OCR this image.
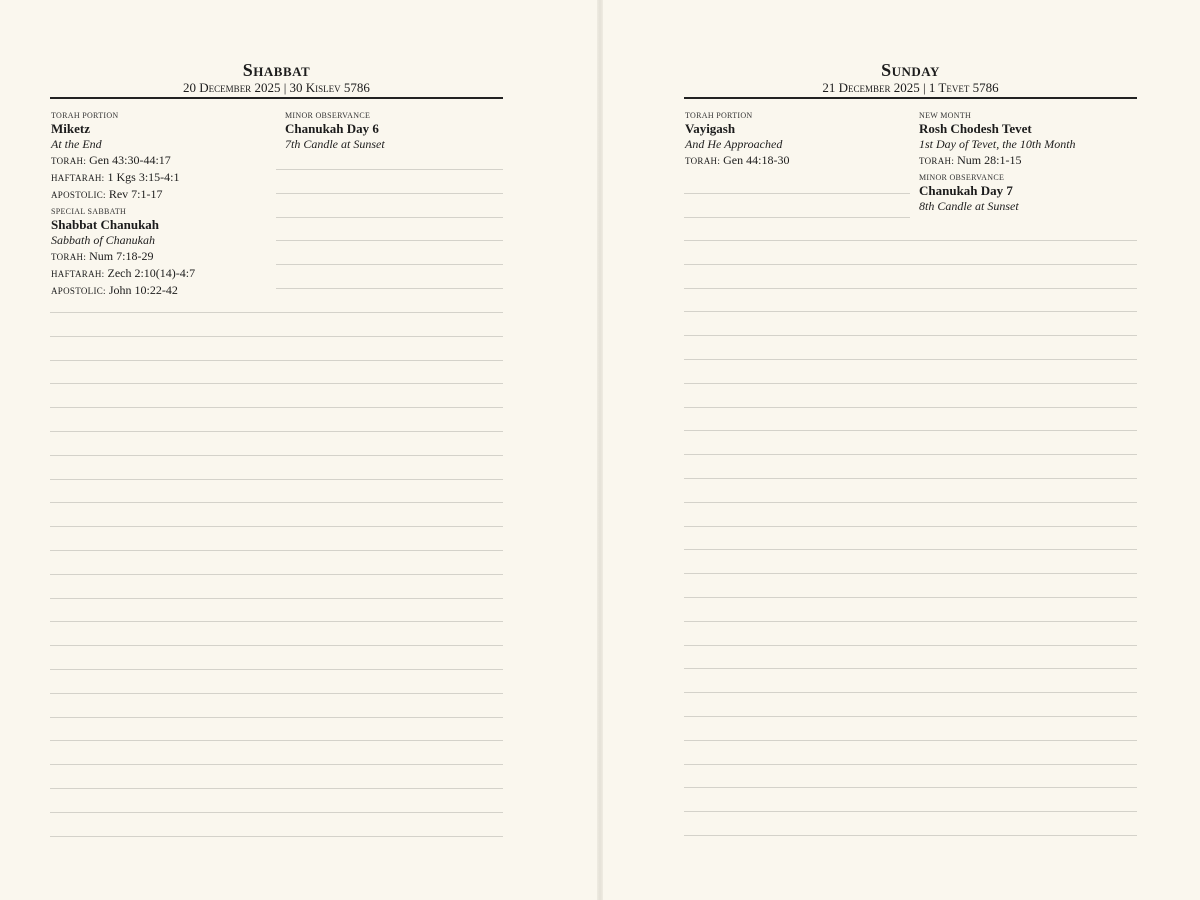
Shabbat
20 December 2025 | 30 Kislev 5786
TORAH PORTION
Miketz
At the End
TORAH: Gen 43:30-44:17
HAFTARAH: 1 Kgs 3:15-4:1
APOSTOLIC: Rev 7:1-17
SPECIAL SABBATH
Shabbat Chanukah
Sabbath of Chanukah
TORAH: Num 7:18-29
HAFTARAH: Zech 2:10(14)-4:7
APOSTOLIC: John 10:22-42
MINOR OBSERVANCE
Chanukah Day 6
7th Candle at Sunset
Sunday
21 December 2025 | 1 Tevet 5786
TORAH PORTION
Vayigash
And He Approached
TORAH: Gen 44:18-30
NEW MONTH
Rosh Chodesh Tevet
1st Day of Tevet, the 10th Month
TORAH: Num 28:1-15
MINOR OBSERVANCE
Chanukah Day 7
8th Candle at Sunset
